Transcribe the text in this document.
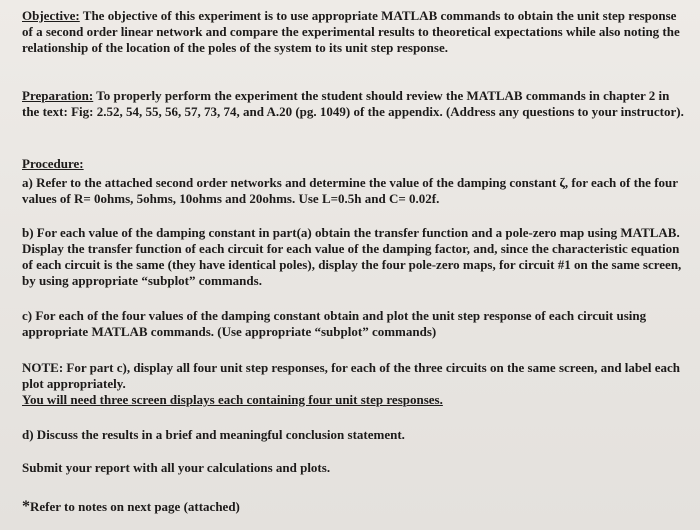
Objective: The objective of this experiment is to use appropriate MATLAB commands to obtain the unit step response of a second order linear network and compare the experimental results to theoretical expectations while also noting the relationship of the location of the poles of the system to its unit step response.

Preparation: To properly perform the experiment the student should review the MATLAB commands in chapter 2 in the text: Fig: 2.52, 54, 55, 56, 57, 73, 74, and A.20 (pg. 1049) of the appendix. (Address any questions to your instructor).

Procedure:

a) Refer to the attached second order networks and determine the value of the damping constant ζ, for each of the four values of R= 0ohms, 5ohms, 10ohms and 20ohms. Use L=0.5h and C= 0.02f.

b) For each value of the damping constant in part(a) obtain the transfer function and a pole-zero map using MATLAB. Display the transfer function of each circuit for each value of the damping factor, and, since the characteristic equation of each circuit is the same (they have identical poles), display the four pole-zero maps, for circuit #1 on the same screen, by using appropriate “subplot” commands.

c) For each of the four values of the damping constant obtain and plot the unit step response of each circuit using appropriate MATLAB commands. (Use appropriate “subplot” commands)

NOTE: For part c), display all four unit step responses, for each of the three circuits on the same screen, and label each plot appropriately.
You will need three screen displays each containing four unit step responses.

d) Discuss the results in a brief and meaningful conclusion statement.

Submit your report with all your calculations and plots.

*Refer to notes on next page (attached)
